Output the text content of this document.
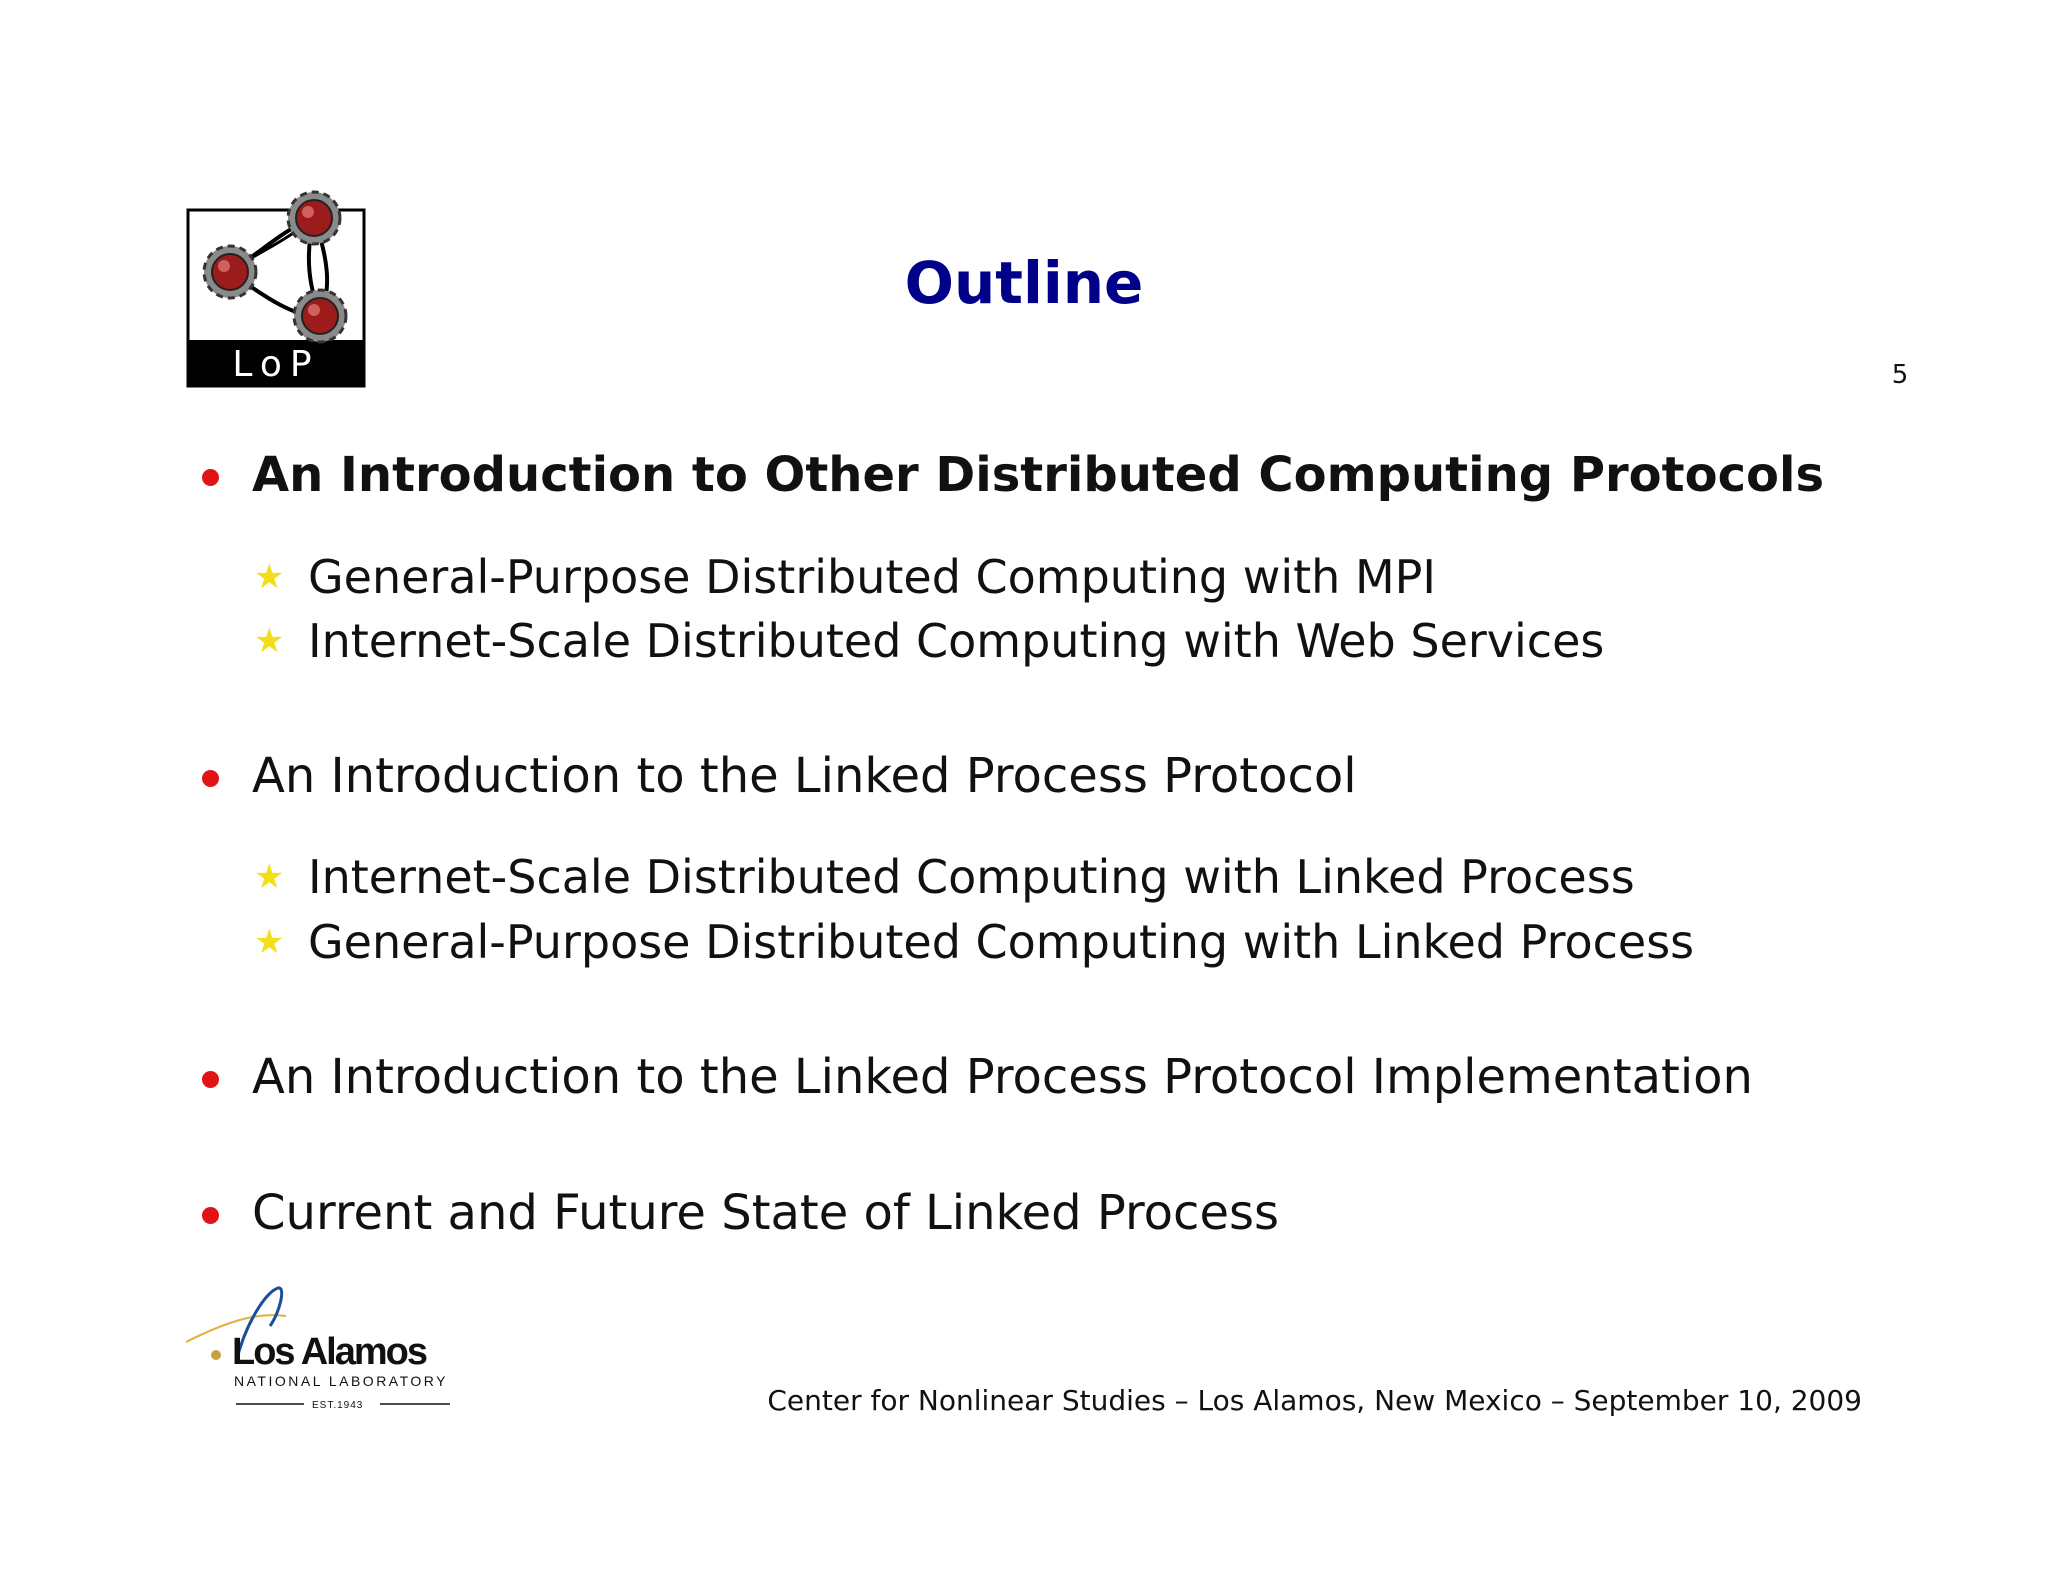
LoP
Outline
5
An Introduction to Other Distributed Computing Protocols
★ General-Purpose Distributed Computing with MPI
★ Internet-Scale Distributed Computing with Web Services
An Introduction to the Linked Process Protocol
★ Internet-Scale Distributed Computing with Linked Process
★ General-Purpose Distributed Computing with Linked Process
An Introduction to the Linked Process Protocol Implementation
Current and Future State of Linked Process
Los Alamos
NATIONAL LABORATORY
EST.1943	Center for Nonlinear Studies – Los Alamos, New Mexico – September 10, 2009
